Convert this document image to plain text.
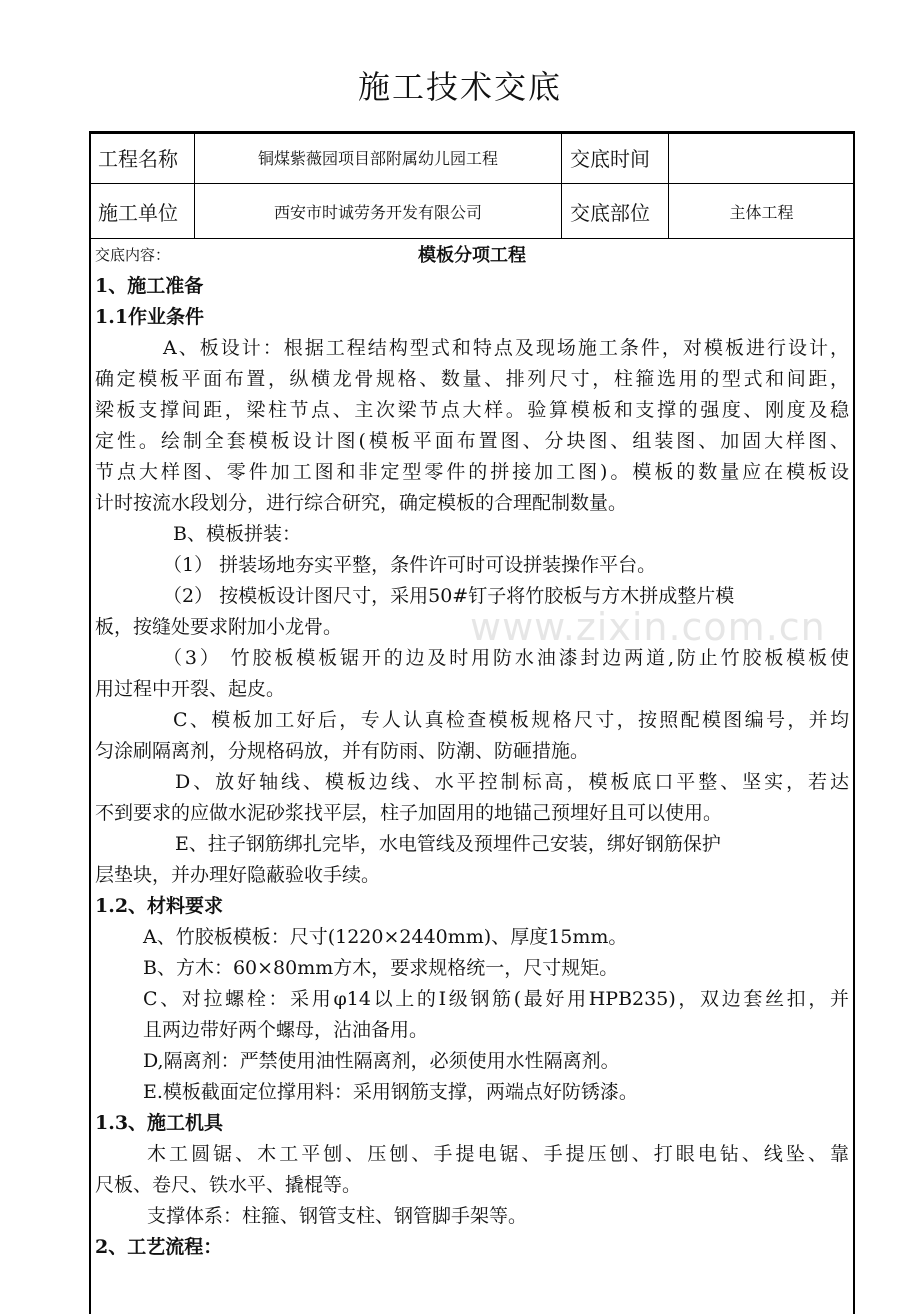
施工技术交底
工程名称	铜煤紫薇园项目部附属幼儿园工程	交底时间	
施工单位	西安市时诚劳务开发有限公司	交底部位	主体工程
www.zixin.com.cn
交底内容：	模板分项工程
1、施工准备
1.1作业条件
A、板设计：根据工程结构型式和特点及现场施工条件，对模板进行设计，
确定模板平面布置，纵横龙骨规格、数量、排列尺寸，柱箍选用的型式和间距，
梁板支撑间距，梁柱节点、主次梁节点大样。验算模板和支撑的强度、刚度及稳
定性。绘制全套模板设计图(模板平面布置图、分块图、组装图、加固大样图、
节点大样图、零件加工图和非定型零件的拼接加工图)。模板的数量应在模板设
计时按流水段划分，进行综合研究，确定模板的合理配制数量。
B、模板拼装：
（1） 拼装场地夯实平整，条件许可时可设拼装操作平台。
（2） 按模板设计图尺寸，采用50#钉子将竹胶板与方木拼成整片模
板，按缝处要求附加小龙骨。
（3） 竹胶板模板锯开的边及时用防水油漆封边两道,防止竹胶板模板使
用过程中开裂、起皮。
C、模板加工好后，专人认真检查模板规格尺寸，按照配模图编号，并均
匀涂刷隔离剂，分规格码放，并有防雨、防潮、防砸措施。
D、放好轴线、模板边线、水平控制标高，模板底口平整、坚实，若达
不到要求的应做水泥砂浆找平层，柱子加固用的地锚己预埋好且可以使用。
E、拄子钢筋绑扎完毕，水电管线及预埋件己安装，绑好钢筋保护
层垫块，并办理好隐蔽验收手续。
1.2、材料要求
A、竹胶板模板：尺寸(1220×2440mm)、厚度15mm。
B、方木：60×80mm方木，要求规格统一，尺寸规矩。
C、对拉螺栓：采用φ14以上的Ⅰ级钢筋(最好用HPB235)，双边套丝扣，并
且两边带好两个螺母，沾油备用。
D,隔离剂：严禁使用油性隔离剂，必须使用水性隔离剂。
E.模板截面定位撑用料：采用钢筋支撑，两端点好防锈漆。
1.3、施工机具
木工圆锯、木工平刨、压刨、手提电锯、手提压刨、打眼电钻、线坠、靠
尺板、卷尺、铁水平、撬棍等。
支撑体系：柱箍、钢管支柱、钢管脚手架等。
2、工艺流程：
